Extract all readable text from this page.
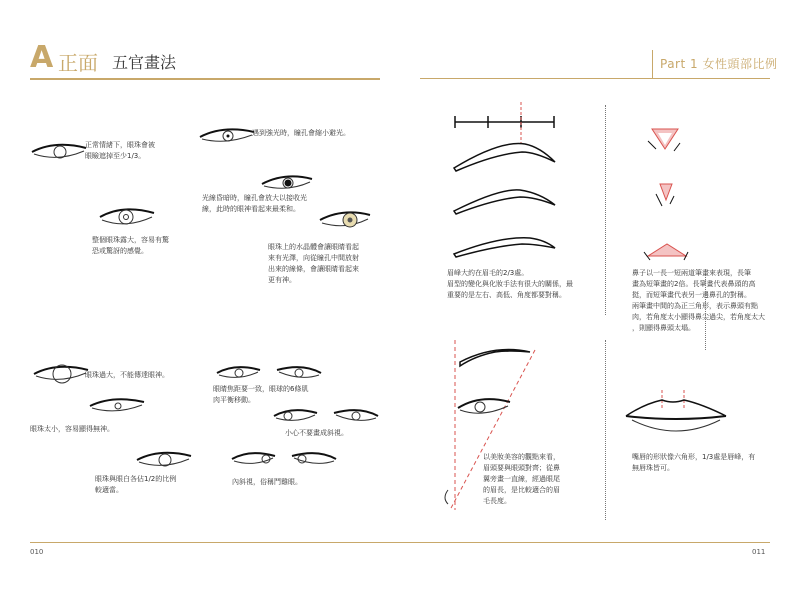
A 正面 五官畫法	Part 1 女性頭部比例
正常情緒下，眼珠會被
眼瞼遮掉至少1/3。
遇到強光時，瞳孔會縮小避光。
光線昏暗時，瞳孔會放大以接收光
線，此時的眼神看起來最柔和。
整個眼珠露大，容易有驚
恐或驚訝的感覺。	眼珠上的水晶體會讓眼睛看起
來有光澤，向從瞳孔中間放射
出來的線條，會讓眼睛看起來
更有神。
眼珠過大，不能傳達眼神。
眼珠太小，容易顯得無神。
眼珠與眼白各佔1/2的比例
較適當。
眼睛焦距要一致，眼球的6條肌
肉平衡移動。
小心不要畫成斜視。
內斜視，俗稱鬥雞眼。
眉峰大約在眉毛的2/3處。
眉型的變化與化妝手法有很大的關係，最
重要的是左右、高低、角度都要對稱。
鼻子以一長一短兩道筆畫來表現，長筆
畫為短筆畫的2倍。長筆畫代表鼻頭的高
挺，而短筆畫代表另一邊鼻孔的對稱。
兩筆畫中間的為正三角形，表示鼻頭有點
肉，若角度太小顯得鼻尖過尖，若角度太大
，則顯得鼻頭太塌。
以美妝美容的觀點來看，
眉頭要與眼頭對齊；從鼻
翼旁畫一直線，經過眼尾
的眉長，是比較適合的眉
毛長度。
嘴唇的形狀像六角形，1/3處是唇峰，有
無唇珠皆可。
010	011
